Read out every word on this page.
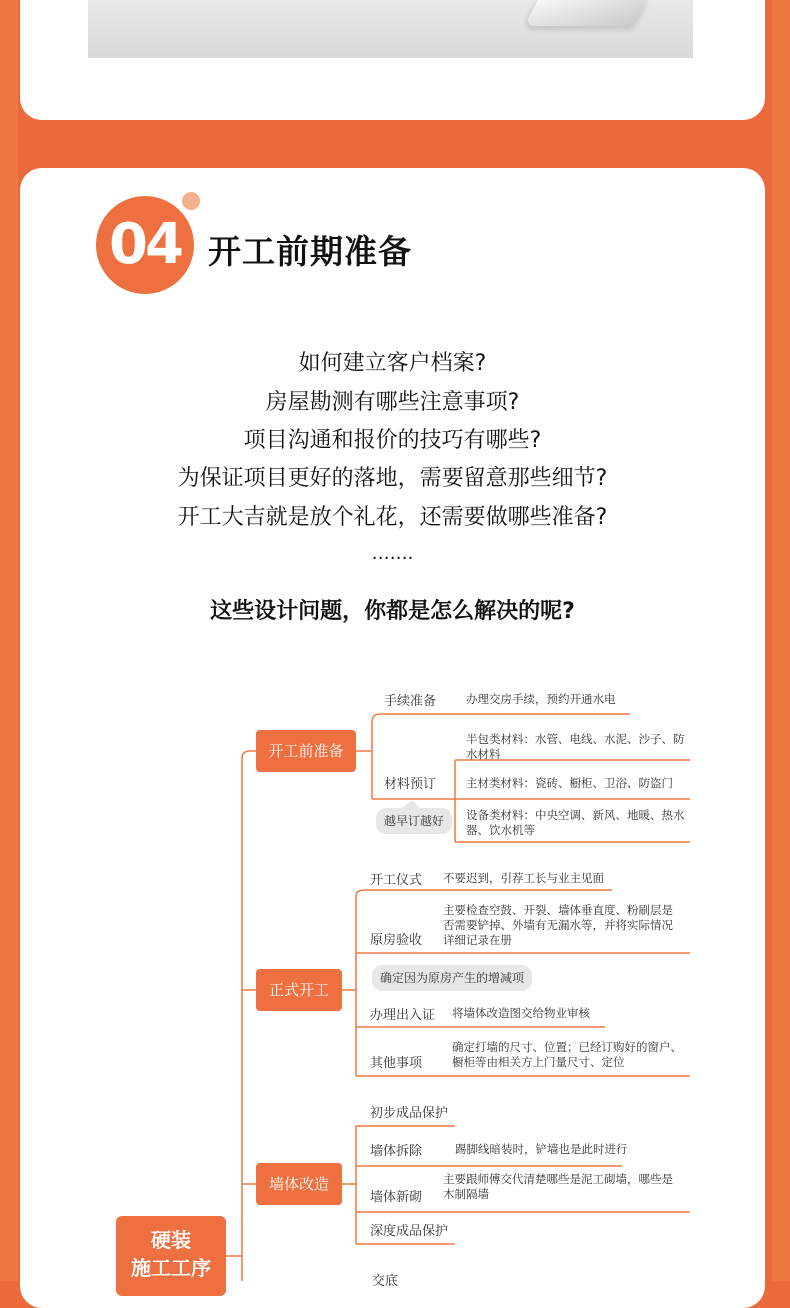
04 开工前期准备
如何建立客户档案?
房屋勘测有哪些注意事项?
项目沟通和报价的技巧有哪些?
为保证项目更好的落地，需要留意那些细节?
开工大吉就是放个礼花，还需要做哪些准备?
…….
这些设计问题，你都是怎么解决的呢?
硬装
施工工序
开工前准备
正式开工
墙体改造
手续准备	办理交房手续，预约开通水电
材料预订
半包类材料：水管、电线、水泥、沙子、防水材料
主材类材料：瓷砖、橱柜、卫浴、防盗门
设备类材料：中央空调、新风、地暖、热水器、饮水机等
越早订越好
开工仪式 不要迟到，引荐工长与业主见面
原房验收
主要检查空鼓、开裂、墙体垂直度、粉刷层是否需要铲掉、外墙有无漏水等，并将实际情况详细记录在册
确定因为原房产生的增减项
办理出入证 将墙体改造图交给物业审核
其他事项
确定打墙的尺寸、位置；已经订购好的窗户、橱柜等由相关方上门量尺寸、定位
初步成品保护
墙体拆除	踢脚线暗装时，铲墙也是此时进行
墙体新砌
主要跟师傅交代清楚哪些是泥工砌墙，哪些是木制隔墙
深度成品保护
交底
